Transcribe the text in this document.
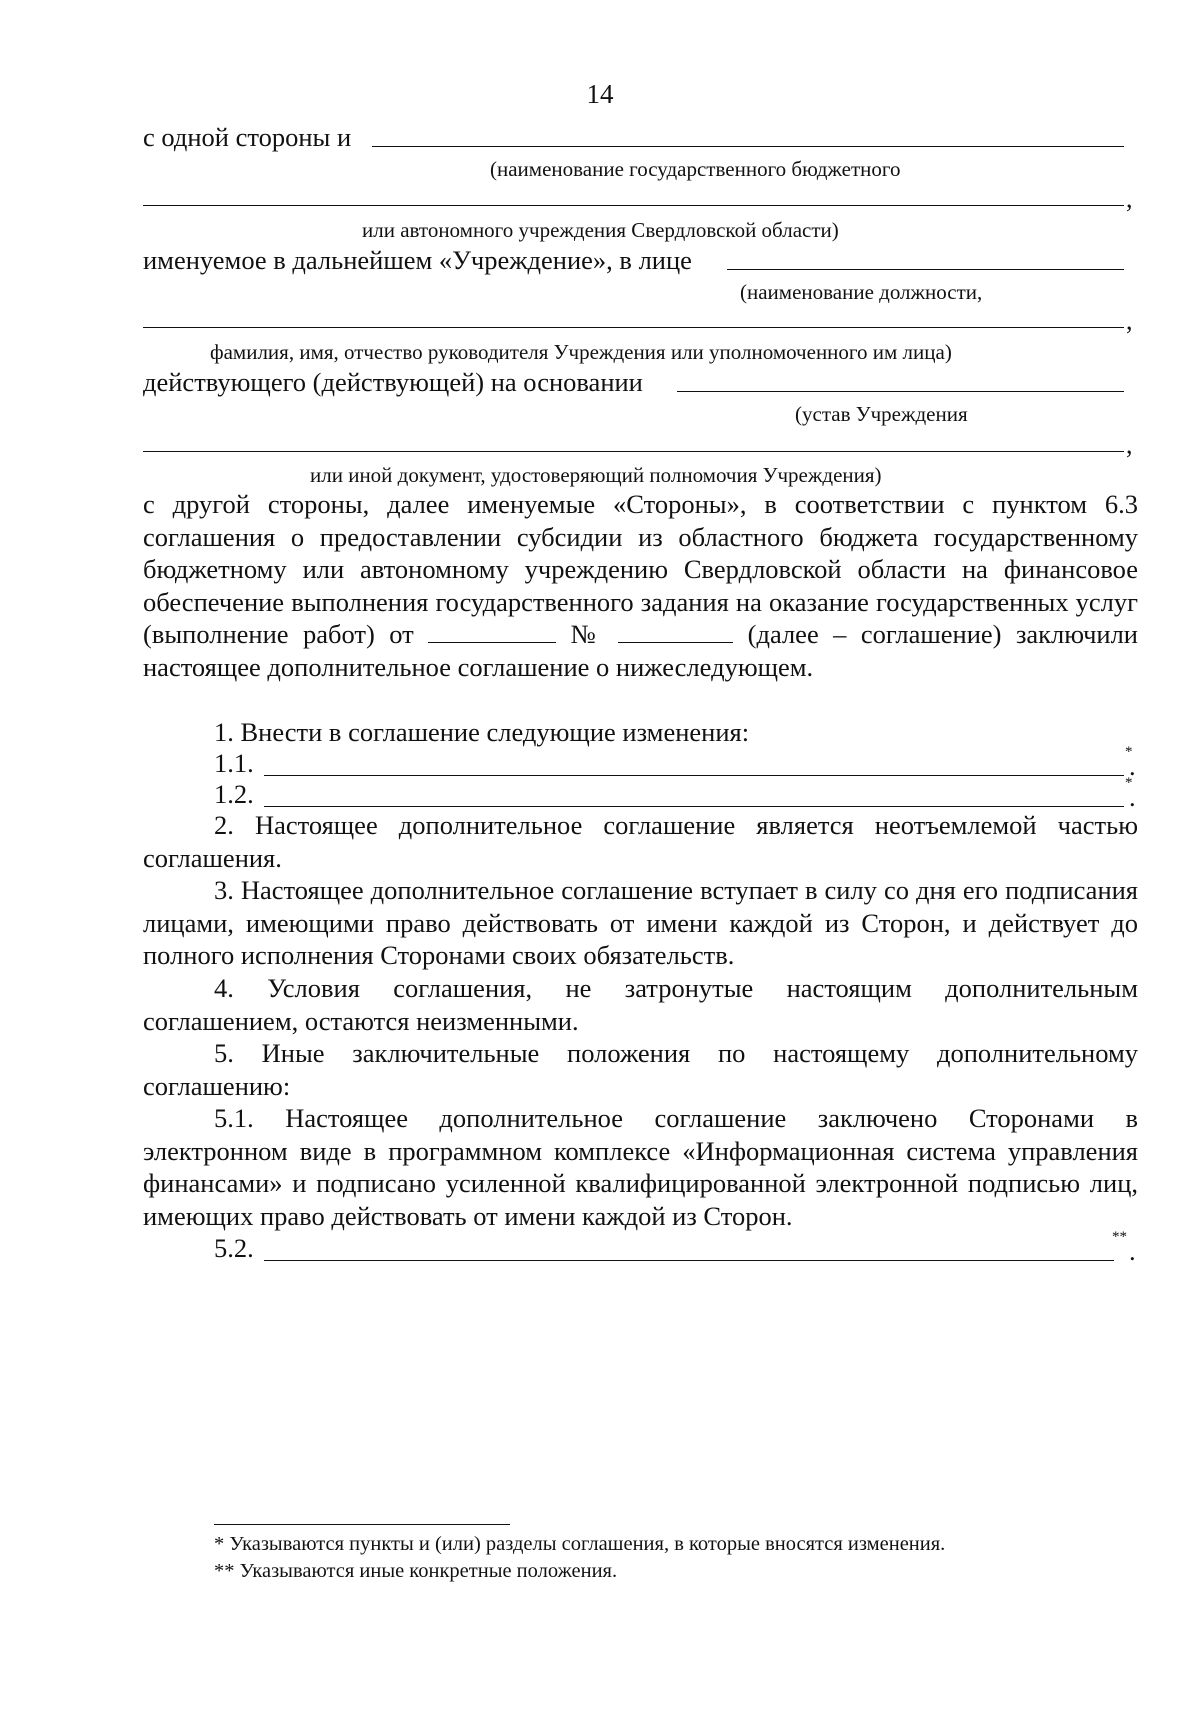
14
с одной стороны и
(наименование государственного бюджетного
,
или автономного учреждения Свердловской области)
именуемое в дальнейшем «Учреждение», в лице
(наименование должности,
,
фамилия, имя, отчество руководителя Учреждения или уполномоченного им лица)
действующего (действующей) на основании
(устав Учреждения
,
или иной документ, удостоверяющий полномочия Учреждения)
с другой стороны, далее именуемые «Стороны», в соответствии с пунктом 6.3 соглашения о предоставлении субсидии из областного бюджета государственному бюджетному или автономному учреждению Свердловской области на финансовое обеспечение выполнения государственного задания на оказание государственных услуг (выполнение работ) от	№	(далее – соглашение) заключили настоящее дополнительное соглашение о нижеследующем.
1. Внести в соглашение следующие изменения:
1.1.	*
.
1.2.	*
.
2. Настоящее дополнительное соглашение является неотъемлемой частью соглашения.
3. Настоящее дополнительное соглашение вступает в силу со дня его подписания лицами, имеющими право действовать от имени каждой из Сторон, и действует до полного исполнения Сторонами своих обязательств.
4. Условия соглашения, не затронутые настоящим дополнительным соглашением, остаются неизменными.
5. Иные заключительные положения по настоящему дополнительному соглашению:
5.1. Настоящее дополнительное соглашение заключено Сторонами в электронном виде в программном комплексе «Информационная система управления финансами» и подписано усиленной квалифицированной электронной подписью лиц, имеющих право действовать от имени каждой из Сторон.
5.2.	** .
* Указываются пункты и (или) разделы соглашения, в которые вносятся изменения.
** Указываются иные конкретные положения.
